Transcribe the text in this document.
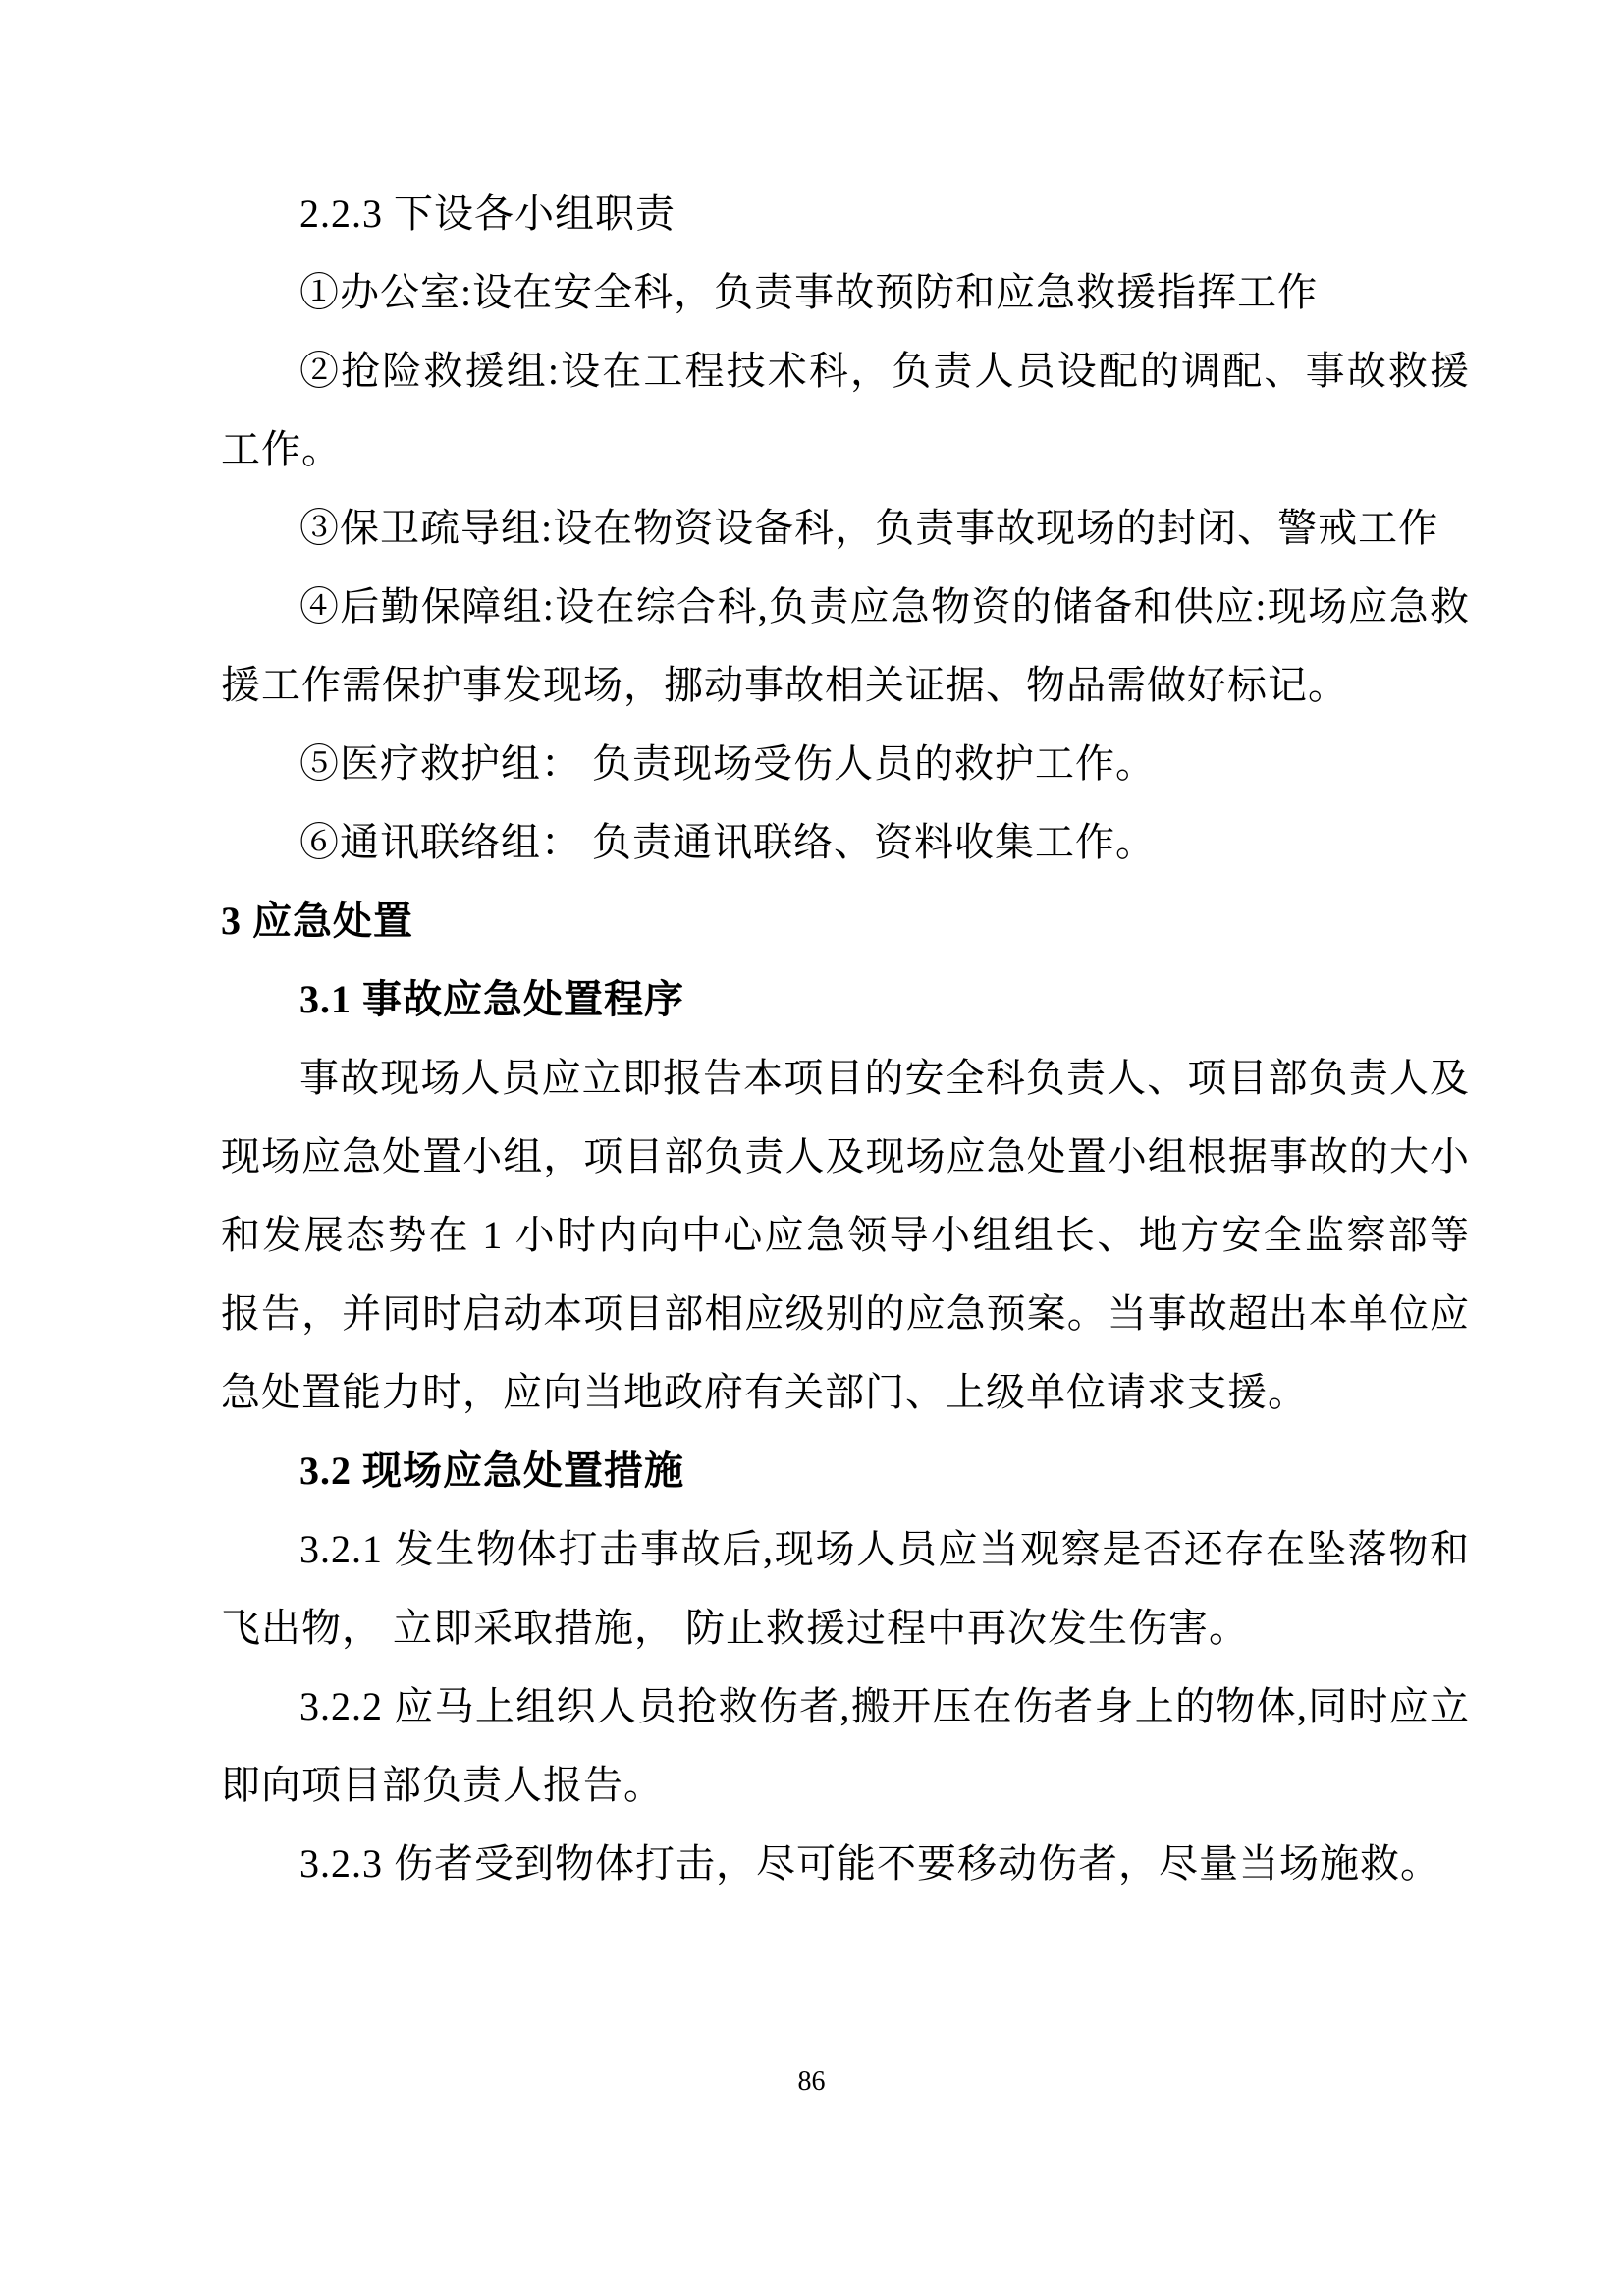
2.2.3 下设各小组职责

①办公室:设在安全科，负责事故预防和应急救援指挥工作

②抢险救援组:设在工程技术科，负责人员设配的调配、事故救援工作。

③保卫疏导组:设在物资设备科，负责事故现场的封闭、警戒工作

④后勤保障组:设在综合科,负责应急物资的储备和供应:现场应急救援工作需保护事发现场，挪动事故相关证据、物品需做好标记。

⑤医疗救护组： 负责现场受伤人员的救护工作。

⑥通讯联络组： 负责通讯联络、资料收集工作。

3 应急处置

3.1 事故应急处置程序

事故现场人员应立即报告本项目的安全科负责人、项目部负责人及现场应急处置小组，项目部负责人及现场应急处置小组根据事故的大小和发展态势在 1 小时内向中心应急领导小组组长、地方安全监察部等报告，并同时启动本项目部相应级别的应急预案。当事故超出本单位应急处置能力时，应向当地政府有关部门、上级单位请求支援。

3.2 现场应急处置措施

3.2.1 发生物体打击事故后,现场人员应当观察是否还存在坠落物和飞出物， 立即采取措施， 防止救援过程中再次发生伤害。

3.2.2 应马上组织人员抢救伤者,搬开压在伤者身上的物体,同时应立即向项目部负责人报告。

3.2.3 伤者受到物体打击，尽可能不要移动伤者，尽量当场施救。

86
